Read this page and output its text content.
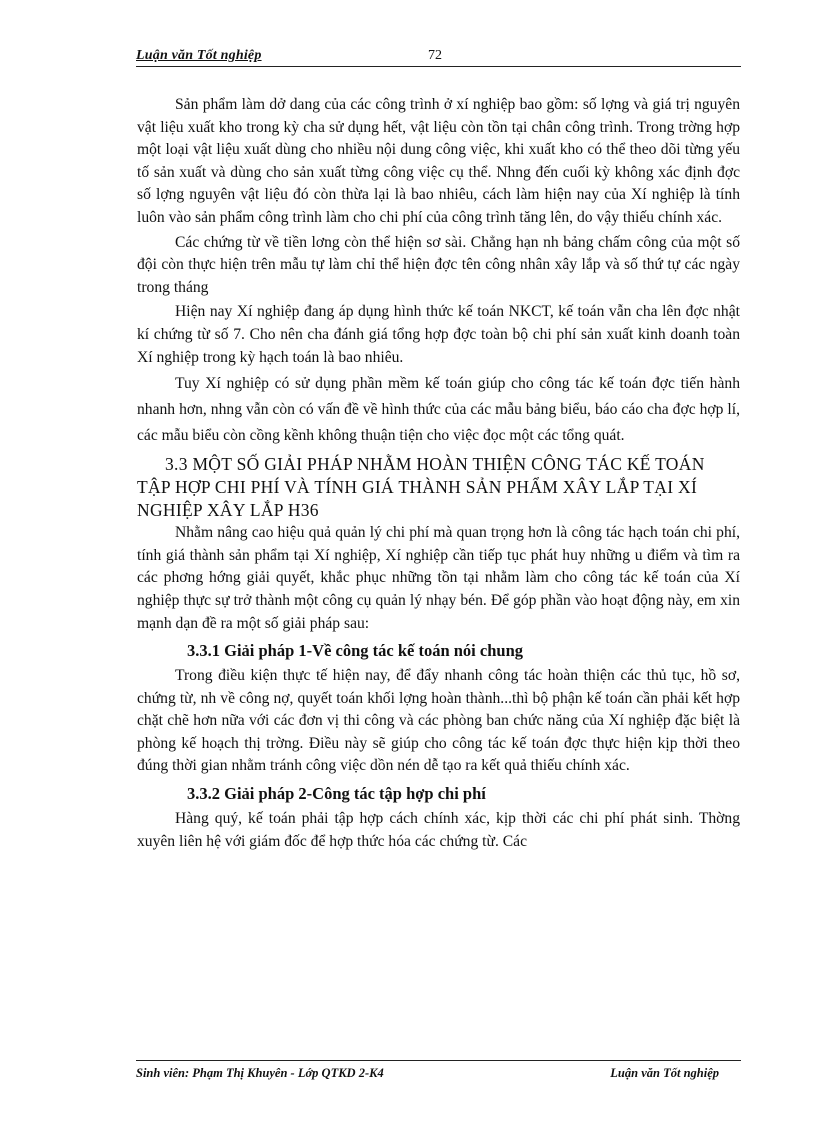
Luận văn Tốt nghiệp	72

Sản phẩm làm dở dang của các công trình ở xí nghiệp bao gồm: số lợng và giá trị nguyên vật liệu xuất kho trong kỳ cha sử dụng hết, vật liệu còn tồn tại chân công trình. Trong trờng hợp một loại vật liệu xuất dùng cho nhiều nội dung công việc, khi xuất kho có thể theo dõi từng yếu tố sản xuất và dùng cho sản xuất từng công việc cụ thể. Nhng đến cuối kỳ không xác định đợc số lợng nguyên vật liệu đó còn thừa lại là bao nhiêu, cách làm hiện nay của Xí nghiệp là tính luôn vào sản phẩm công trình làm cho chi phí của công trình tăng lên, do vậy thiếu chính xác.

Các chứng từ về tiền lơng còn thể hiện sơ sài. Chẳng hạn nh bảng chấm công của một số đội còn thực hiện trên mẫu tự làm chỉ thể hiện đợc tên công nhân xây lắp và số thứ tự các ngày trong tháng

Hiện nay Xí nghiệp đang áp dụng hình thức kế toán NKCT, kế toán vẫn cha lên đợc nhật kí chứng từ số 7. Cho nên cha đánh giá tổng hợp đợc toàn bộ chi phí sản xuất kinh doanh toàn Xí nghiệp trong kỳ hạch toán là bao nhiêu.

Tuy Xí nghiệp có sử dụng phần mềm kế toán giúp cho công tác kế toán đợc tiến hành nhanh hơn, nhng vẫn còn có vấn đề về hình thức của các mẫu bảng biểu, báo cáo cha đợc hợp lí, các mẫu biểu còn cồng kềnh không thuận tiện cho việc đọc một các tổng quát.

3.3 MỘT SỐ GIẢI PHÁP NHẰM HOÀN THIỆN CÔNG TÁC KẾ TOÁN TẬP HỢP CHI PHÍ VÀ TÍNH GIÁ THÀNH SẢN PHẨM XÂY LẮP TẠI XÍ NGHIỆP XÂY LẮP H36

Nhằm nâng cao hiệu quả quản lý chi phí mà quan trọng hơn là công tác hạch toán chi phí, tính giá thành sản phẩm tại Xí nghiệp, Xí nghiệp cần tiếp tục phát huy những u điểm và tìm ra các phơng hớng giải quyết, khắc phục những tồn tại nhằm làm cho công tác kế toán của Xí nghiệp thực sự trở thành một công cụ quản lý nhạy bén. Để góp phần vào hoạt động này, em xin mạnh dạn đề ra một số giải pháp sau:

3.3.1 Giải pháp 1-Về công tác kế toán nói chung

Trong điều kiện thực tế hiện nay, để đẩy nhanh công tác hoàn thiện các thủ tục, hồ sơ, chứng từ, nh về công nợ, quyết toán khối lợng hoàn thành...thì bộ phận kế toán cần phải kết hợp chặt chẽ hơn nữa với các đơn vị thi công và các phòng ban chức năng của Xí nghiệp đặc biệt là phòng kế hoạch thị trờng. Điều này sẽ giúp cho công tác kế toán đợc thực hiện kịp thời theo đúng thời gian nhằm tránh công việc dồn nén dễ tạo ra kết quả thiếu chính xác.

3.3.2 Giải pháp 2-Công tác tập hợp chi phí

Hàng quý, kế toán phải tập hợp cách chính xác, kịp thời các chi phí phát sinh. Thờng xuyên liên hệ với giám đốc để hợp thức hóa các chứng từ. Các

Sinh viên: Phạm Thị Khuyên - Lớp QTKD 2-K4	Luận văn Tốt nghiệp
